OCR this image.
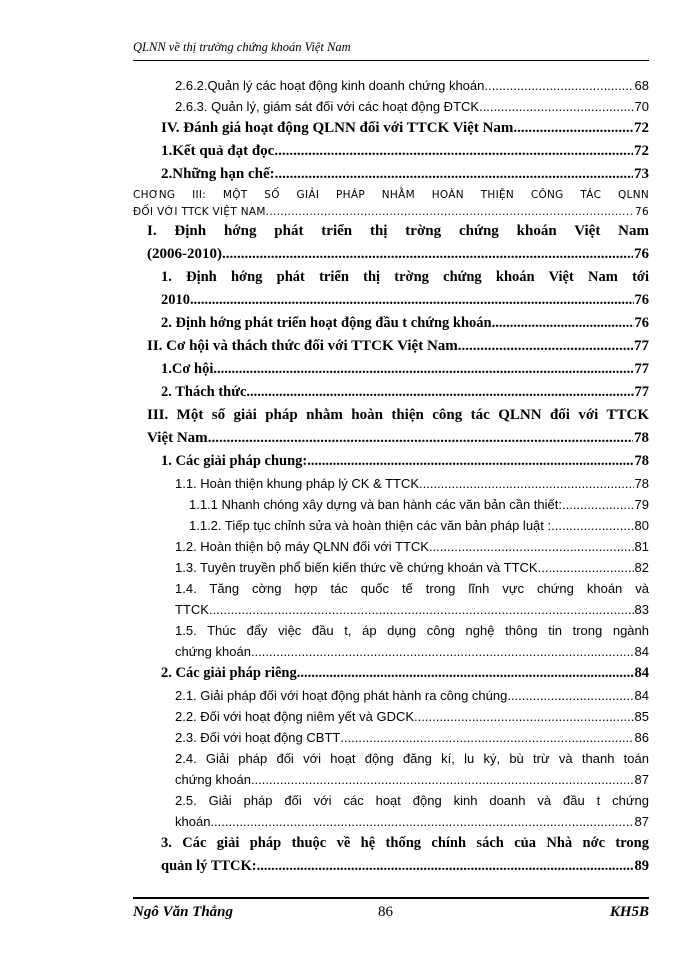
QLNN về thị trường chứng khoán Việt Nam
2.6.2.Quản lý các hoạt động kinh doanh chứng khoán .....	68
2.6.3. Quản lý, giám sát đối với các hoạt động ĐTCK .....	70
IV. Đánh giá hoạt động QLNN đối với TTCK Việt Nam .....	72
1.Kết quả đạt đọc .....	72
2.Những hạn chế: .....	73
CHƠNG III: MỘT SỐ GIẢI PHÁP NHẰM HOÀN THIỆN CÔNG TÁC QLNN
ĐỐI VỚI TTCK VIỆT NAM. .....	76
I. Định hớng phát triển thị trờng chứng khoán Việt Nam
(2006-2010). .....	76
1. Định hớng phát triển thị trờng chứng khoán Việt Nam tới
2010. .....	76
2. Định hớng phát triển hoạt động đầu t chứng khoán .....	76
II. Cơ hội và thách thức đối với TTCK Việt Nam .....	77
1.Cơ hội .....	77
2. Thách thức .....	77
III. Một số giải pháp nhằm hoàn thiện công tác QLNN đối với TTCK
Việt Nam .....	78
1. Các giải pháp chung: .....	78
1.1. Hoàn thiện khung pháp lý CK & TTCK .....	78
1.1.1 Nhanh chóng xây dựng và ban hành các văn bản cần thiết: .....	79
1.1.2. Tiếp tục chỉnh sửa và hoàn thiện các văn bản pháp luật : .....	80
1.2. Hoàn thiện bộ máy QLNN đối với TTCK .....	81
1.3. Tuyên truyền phổ biến kiến thức về chứng khoán và TTCK .....	82
1.4. Tăng cờng hợp tác quốc tế trong lĩnh vực chứng khoán và
TTCK .....	83
1.5. Thúc đẩy việc đầu t, áp dụng công nghệ thông tin trong ngành
chứng khoán .....	84
2. Các giải pháp riêng .....	84
2.1. Giải pháp đối với hoạt động phát hành ra công chúng .....	84
2.2. Đối với hoạt động niêm yết và GDCK .....	85
2.3. Đối với hoạt động CBTT .....	86
2.4. Giải pháp đối với hoạt động đăng kí, lu ký, bù trừ và thanh toán
chứng khoán .....	87
2.5. Giải pháp đối với các hoạt động kinh doanh và đầu t chứng
khoán .....	87
3. Các giải pháp thuộc về hệ thống chính sách của Nhà nớc trong
quản lý TTCK: .....	89
Ngô Văn Thắng	86	KH5B
